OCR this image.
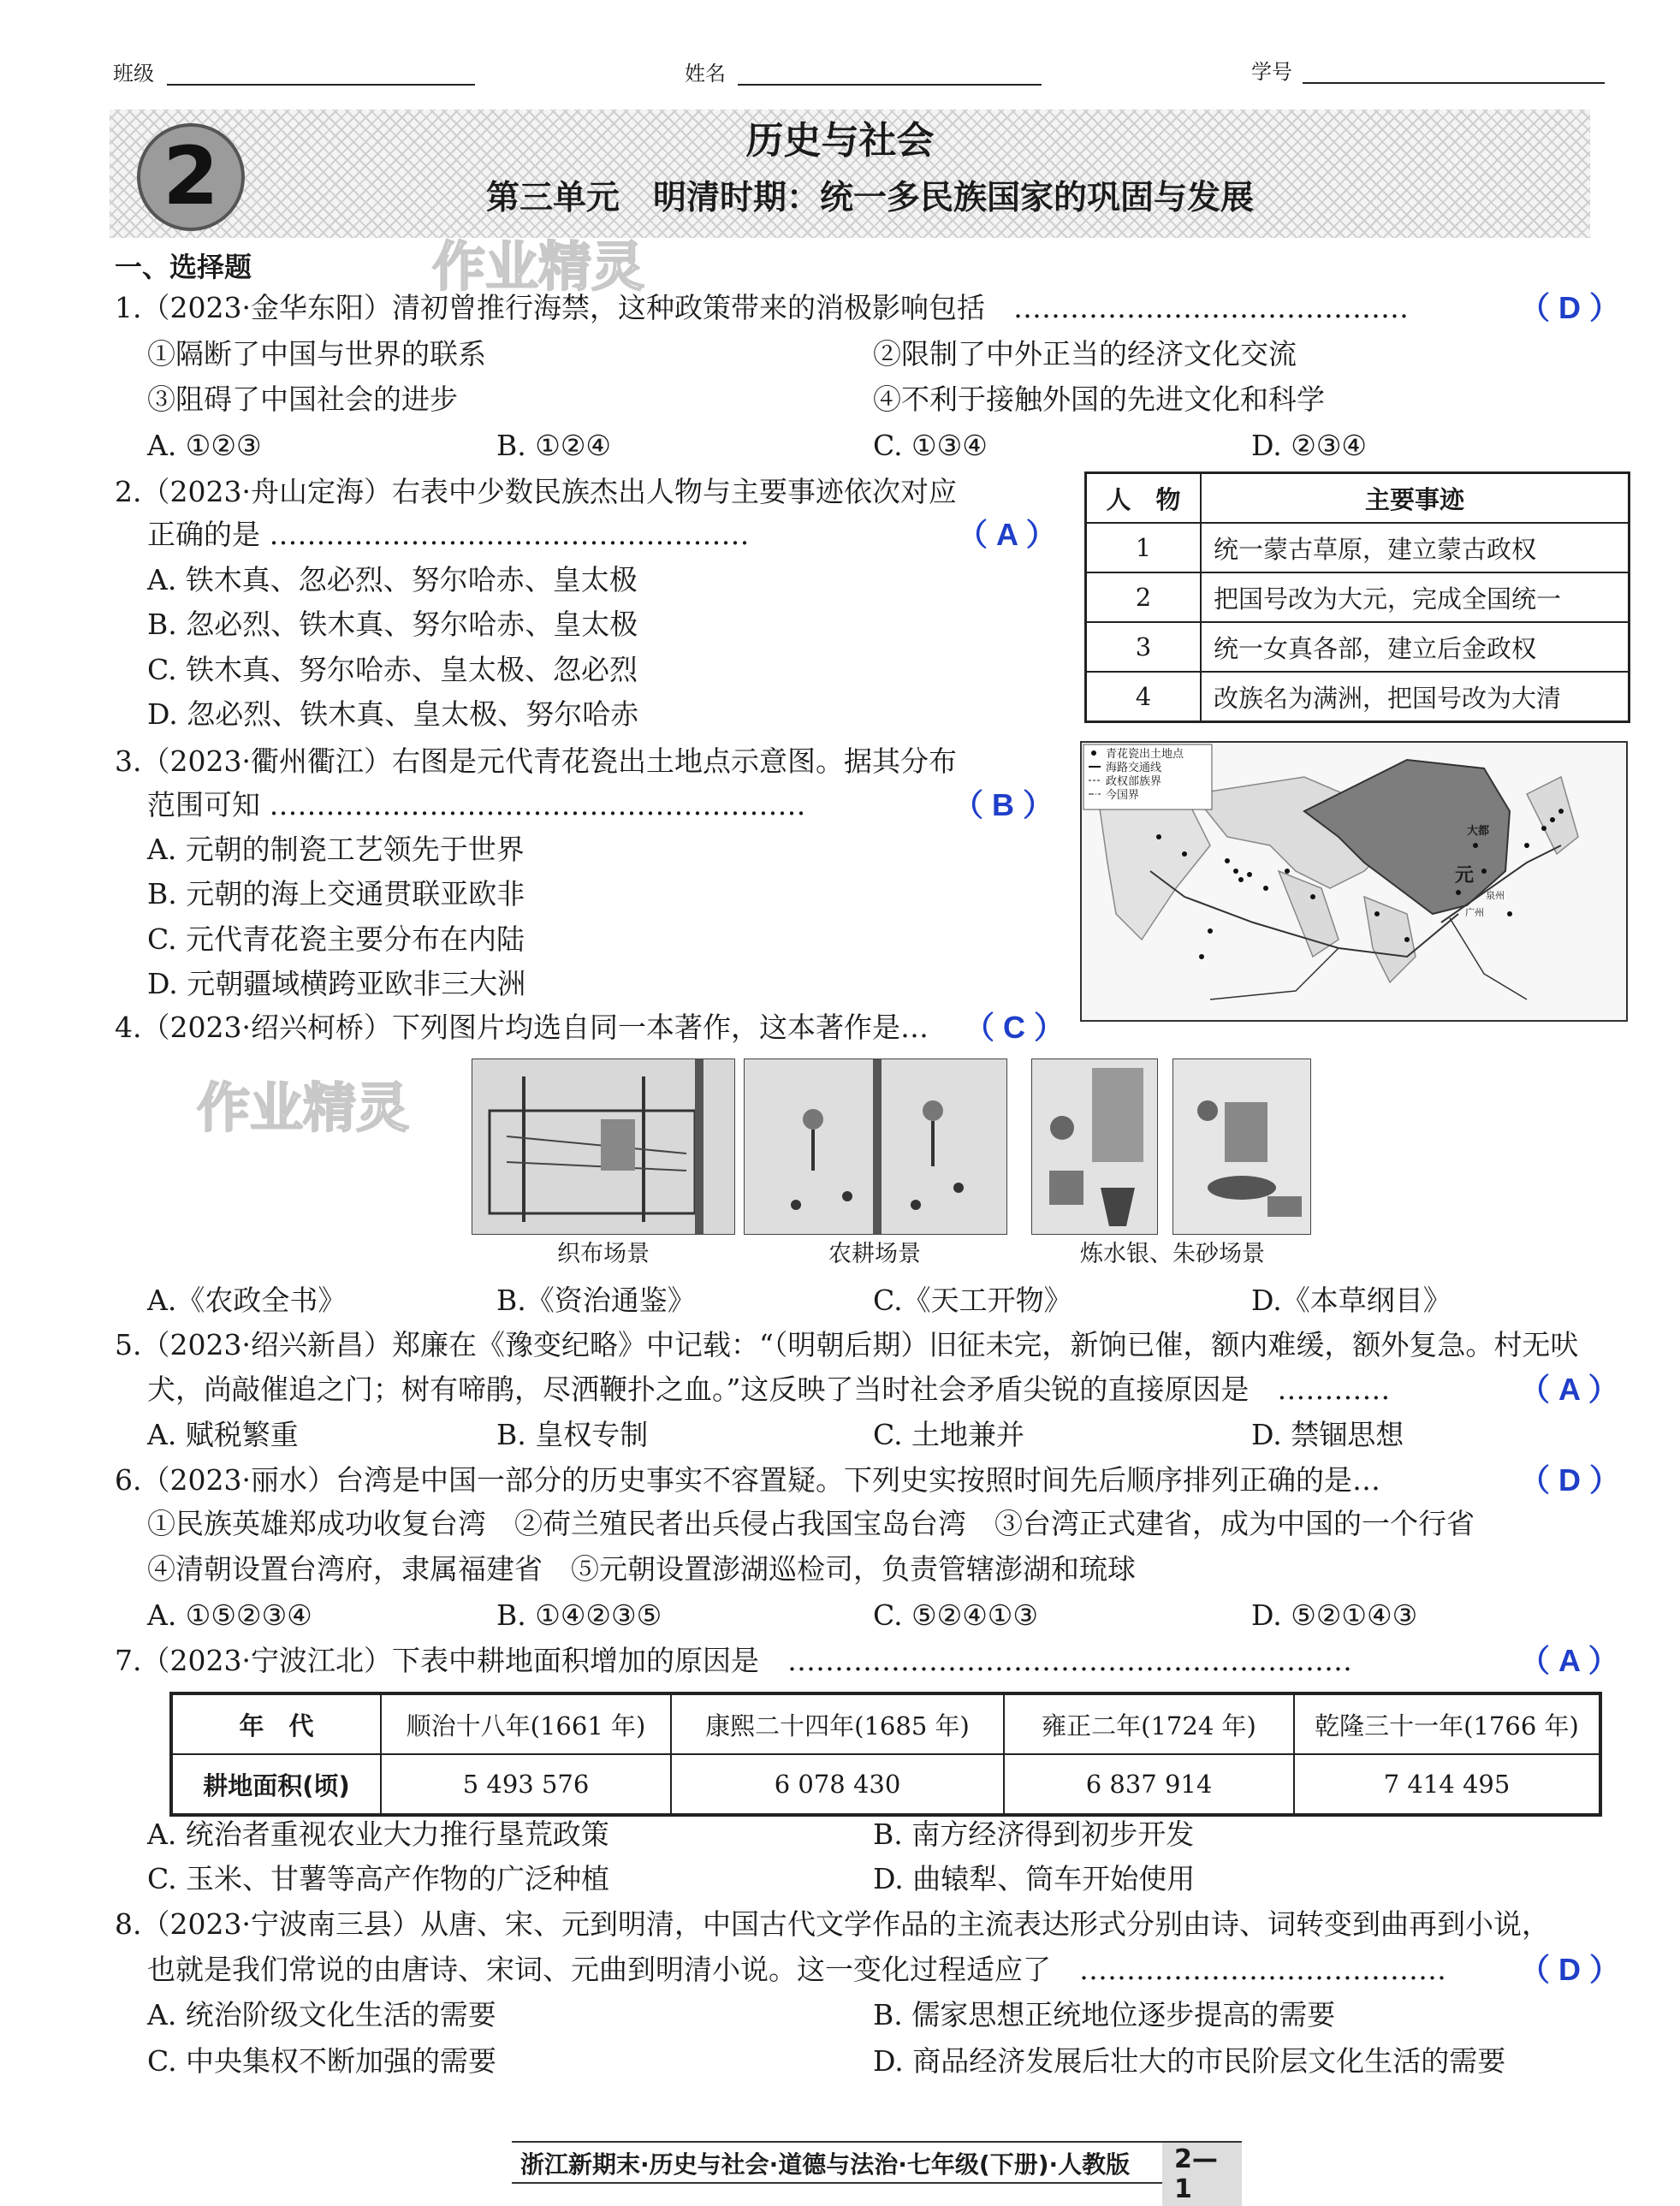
班级	姓名	学号
2	历史与社会
第三单元　明清时期：统一多民族国家的巩固与发展
作业精灵
作业精灵
一、选择题
1.（2023·金华东阳）清初曾推行海禁，这种政策带来的消极影响包括　……………………………………	（ D ）
①隔断了中国与世界的联系	②限制了中外正当的经济文化交流
③阻碍了中国社会的进步	④不利于接触外国的先进文化和科学
A. ①②③	B. ①②④	C. ①③④	D. ②③④
2.（2023·舟山定海）右表中少数民族杰出人物与主要事迹依次对应
正确的是 ……………………………………………	（ A ）
A. 铁木真、忽必烈、努尔哈赤、皇太极
B. 忽必烈、铁木真、努尔哈赤、皇太极
C. 铁木真、努尔哈赤、皇太极、忽必烈
D. 忽必烈、铁木真、皇太极、努尔哈赤
人　物	主要事迹
1	统一蒙古草原，建立蒙古政权
2	把国号改为大元，完成全国统一
3	统一女真各部，建立后金政权
4	改族名为满洲，把国号改为大清
3.（2023·衢州衢江）右图是元代青花瓷出土地点示意图。据其分布
范围可知 …………………………………………………	（ B ）
A. 元朝的制瓷工艺领先于世界
B. 元朝的海上交通贯联亚欧非
C. 元代青花瓷主要分布在内陆
D. 元朝疆域横跨亚欧非三大洲
青花瓷出土地点
海路交通线
政权部族界
今国界
大都
元
泉州
广州
4.（2023·绍兴柯桥）下列图片均选自同一本著作，这本著作是… （ C ）
织布场景	农耕场景	炼水银、朱砂场景
A.《农政全书》	B.《资治通鉴》	C.《天工开物》	D.《本草纲目》
5.（2023·绍兴新昌）郑廉在《豫变纪略》中记载：“（明朝后期）旧征未完，新饷已催，额内难缓，额外复急。村无吠
犬，尚敲催追之门；树有啼鹃，尽洒鞭扑之血。”这反映了当时社会矛盾尖锐的直接原因是　…………	（ A ）
A. 赋税繁重	B. 皇权专制	C. 土地兼并	D. 禁锢思想
6.（2023·丽水）台湾是中国一部分的历史事实不容置疑。下列史实按照时间先后顺序排列正确的是…	（ D ）
①民族英雄郑成功收复台湾　②荷兰殖民者出兵侵占我国宝岛台湾　③台湾正式建省，成为中国的一个行省
④清朝设置台湾府，隶属福建省　⑤元朝设置澎湖巡检司，负责管辖澎湖和琉球
A. ①⑤②③④	B. ①④②③⑤	C. ⑤②④①③	D. ⑤②①④③
7.（2023·宁波江北）下表中耕地面积增加的原因是　……………………………………………………	（ A ）
年　代	顺治十八年(1661 年)	康熙二十四年(1685 年)	雍正二年(1724 年)	乾隆三十一年(1766 年)
耕地面积(顷)	5 493 576	6 078 430	6 837 914	7 414 495
A. 统治者重视农业大力推行垦荒政策	B. 南方经济得到初步开发
C. 玉米、甘薯等高产作物的广泛种植	D. 曲辕犁、筒车开始使用
8.（2023·宁波南三县）从唐、宋、元到明清，中国古代文学作品的主流表达形式分别由诗、词转变到曲再到小说，
也就是我们常说的由唐诗、宋词、元曲到明清小说。这一变化过程适应了　………………………………… （ D ）
A. 统治阶级文化生活的需要	B. 儒家思想正统地位逐步提高的需要
C. 中央集权不断加强的需要	D. 商品经济发展后壮大的市民阶层文化生活的需要
浙江新期末·历史与社会·道德与法治·七年级(下册)·人教版	2—1
